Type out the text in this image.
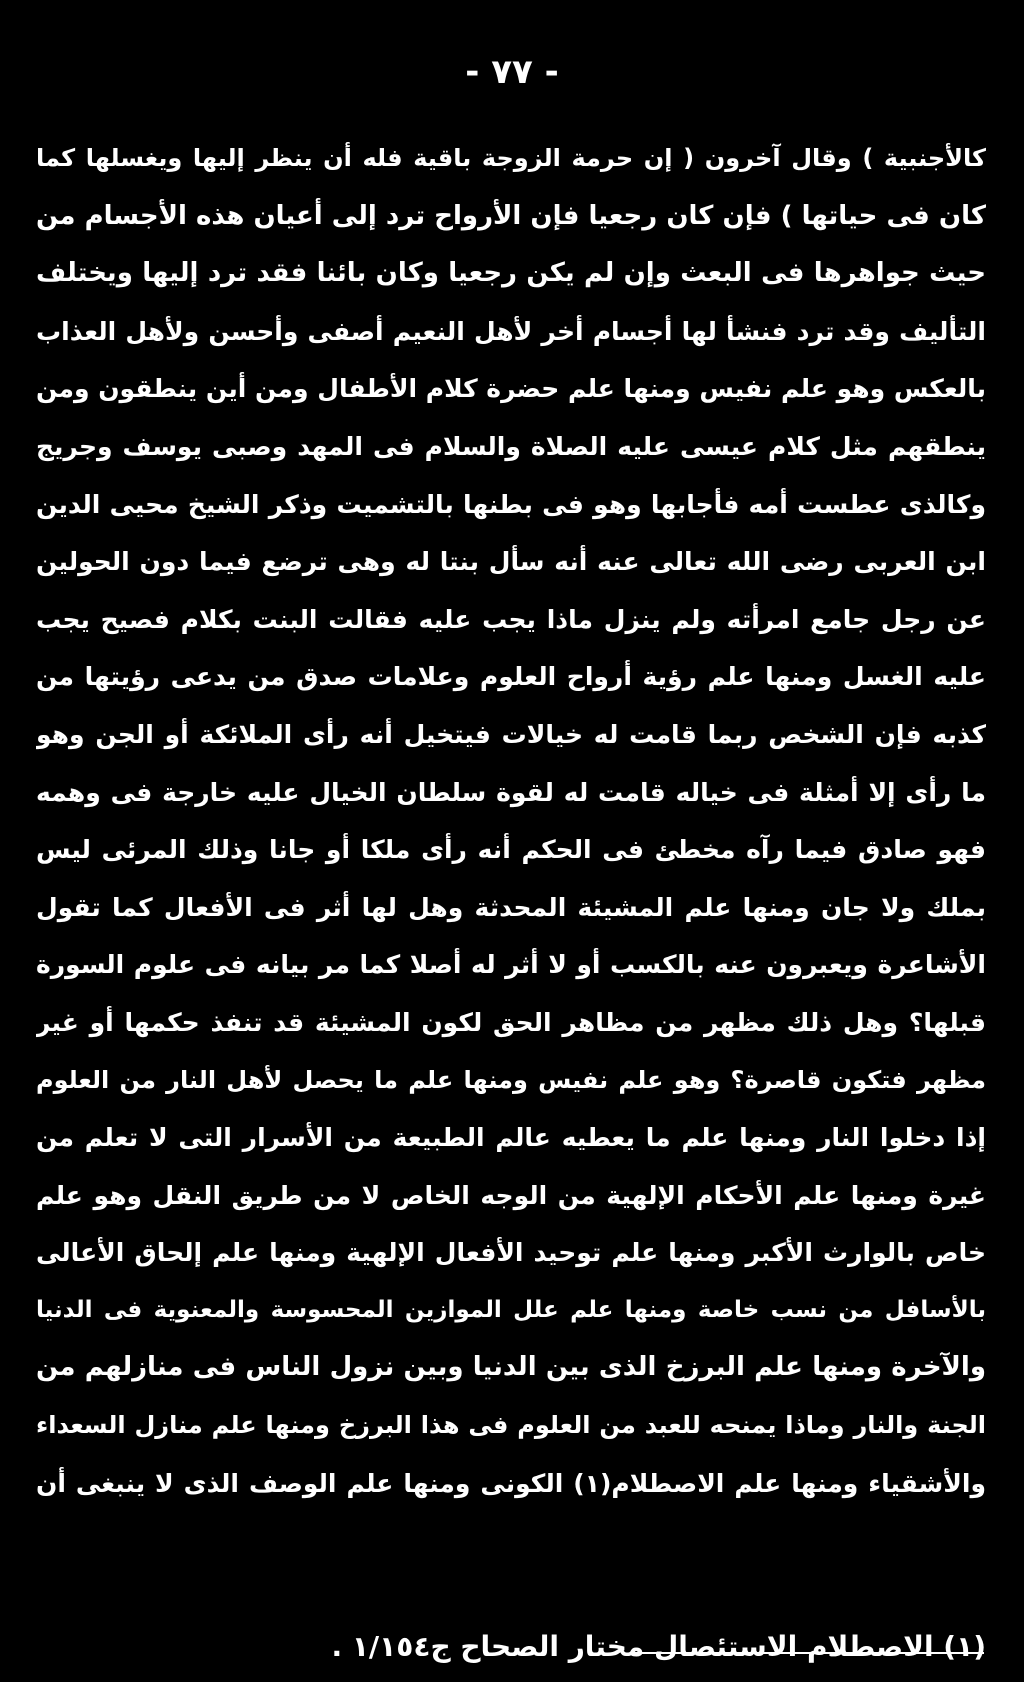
- ٧٧ -
كالأجنبية ) وقال آخرون ( إن حرمة الزوجة باقية فله أن ينظر إليها ويغسلها كما
كان فى حياتها ) فإن كان رجعيا فإن الأرواح ترد إلى أعيان هذه الأجسام من
حيث جواهرها فى البعث وإن لم يكن رجعيا وكان بائنا فقد ترد إليها ويختلف
التأليف وقد ترد فنشأ لها أجسام أخر لأهل النعيم أصفى وأحسن ولأهل العذاب
بالعكس وهو علم نفيس ومنها علم حضرة كلام الأطفال ومن أين ينطقون ومن
ينطقهم مثل كلام عيسى عليه الصلاة والسلام فى المهد وصبى يوسف وجريج
وكالذى عطست أمه فأجابها وهو فى بطنها بالتشميت وذكر الشيخ محيى الدين
ابن العربى رضى الله تعالى عنه أنه سأل بنتا له وهى ترضع فيما دون الحولين
عن رجل جامع امرأته ولم ينزل ماذا يجب عليه فقالت البنت بكلام فصيح يجب
عليه الغسل ومنها علم رؤية أرواح العلوم وعلامات صدق من يدعى رؤيتها من
كذبه فإن الشخص ربما قامت له خيالات فيتخيل أنه رأى الملائكة أو الجن وهو
ما رأى إلا أمثلة فى خياله قامت له لقوة سلطان الخيال عليه خارجة فى وهمه
فهو صادق فيما رآه مخطئ فى الحكم أنه رأى ملكا أو جانا وذلك المرئى ليس
بملك ولا جان ومنها علم المشيئة المحدثة وهل لها أثر فى الأفعال كما تقول
الأشاعرة ويعبرون عنه بالكسب أو لا أثر له أصلا كما مر بيانه فى علوم السورة
قبلها؟ وهل ذلك مظهر من مظاهر الحق لكون المشيئة قد تنفذ حكمها أو غير
مظهر فتكون قاصرة؟ وهو علم نفيس ومنها علم ما يحصل لأهل النار من العلوم
إذا دخلوا النار ومنها علم ما يعطيه عالم الطبيعة من الأسرار التى لا تعلم من
غيرة ومنها علم الأحكام الإلهية من الوجه الخاص لا من طريق النقل وهو علم
خاص بالوارث الأكبر ومنها علم توحيد الأفعال الإلهية ومنها علم إلحاق الأعالى
بالأسافل من نسب خاصة ومنها علم علل الموازين المحسوسة والمعنوية فى الدنيا
والآخرة ومنها علم البرزخ الذى بين الدنيا وبين نزول الناس فى منازلهم من
الجنة والنار وماذا يمنحه للعبد من العلوم فى هذا البرزخ ومنها علم منازل السعداء
والأشقياء ومنها علم الاصطلام(١) الكونى ومنها علم الوصف الذى لا ينبغى أن
(١) الاصطلام الاستئصال مختار الصحاح ج١/١٥٤ .
